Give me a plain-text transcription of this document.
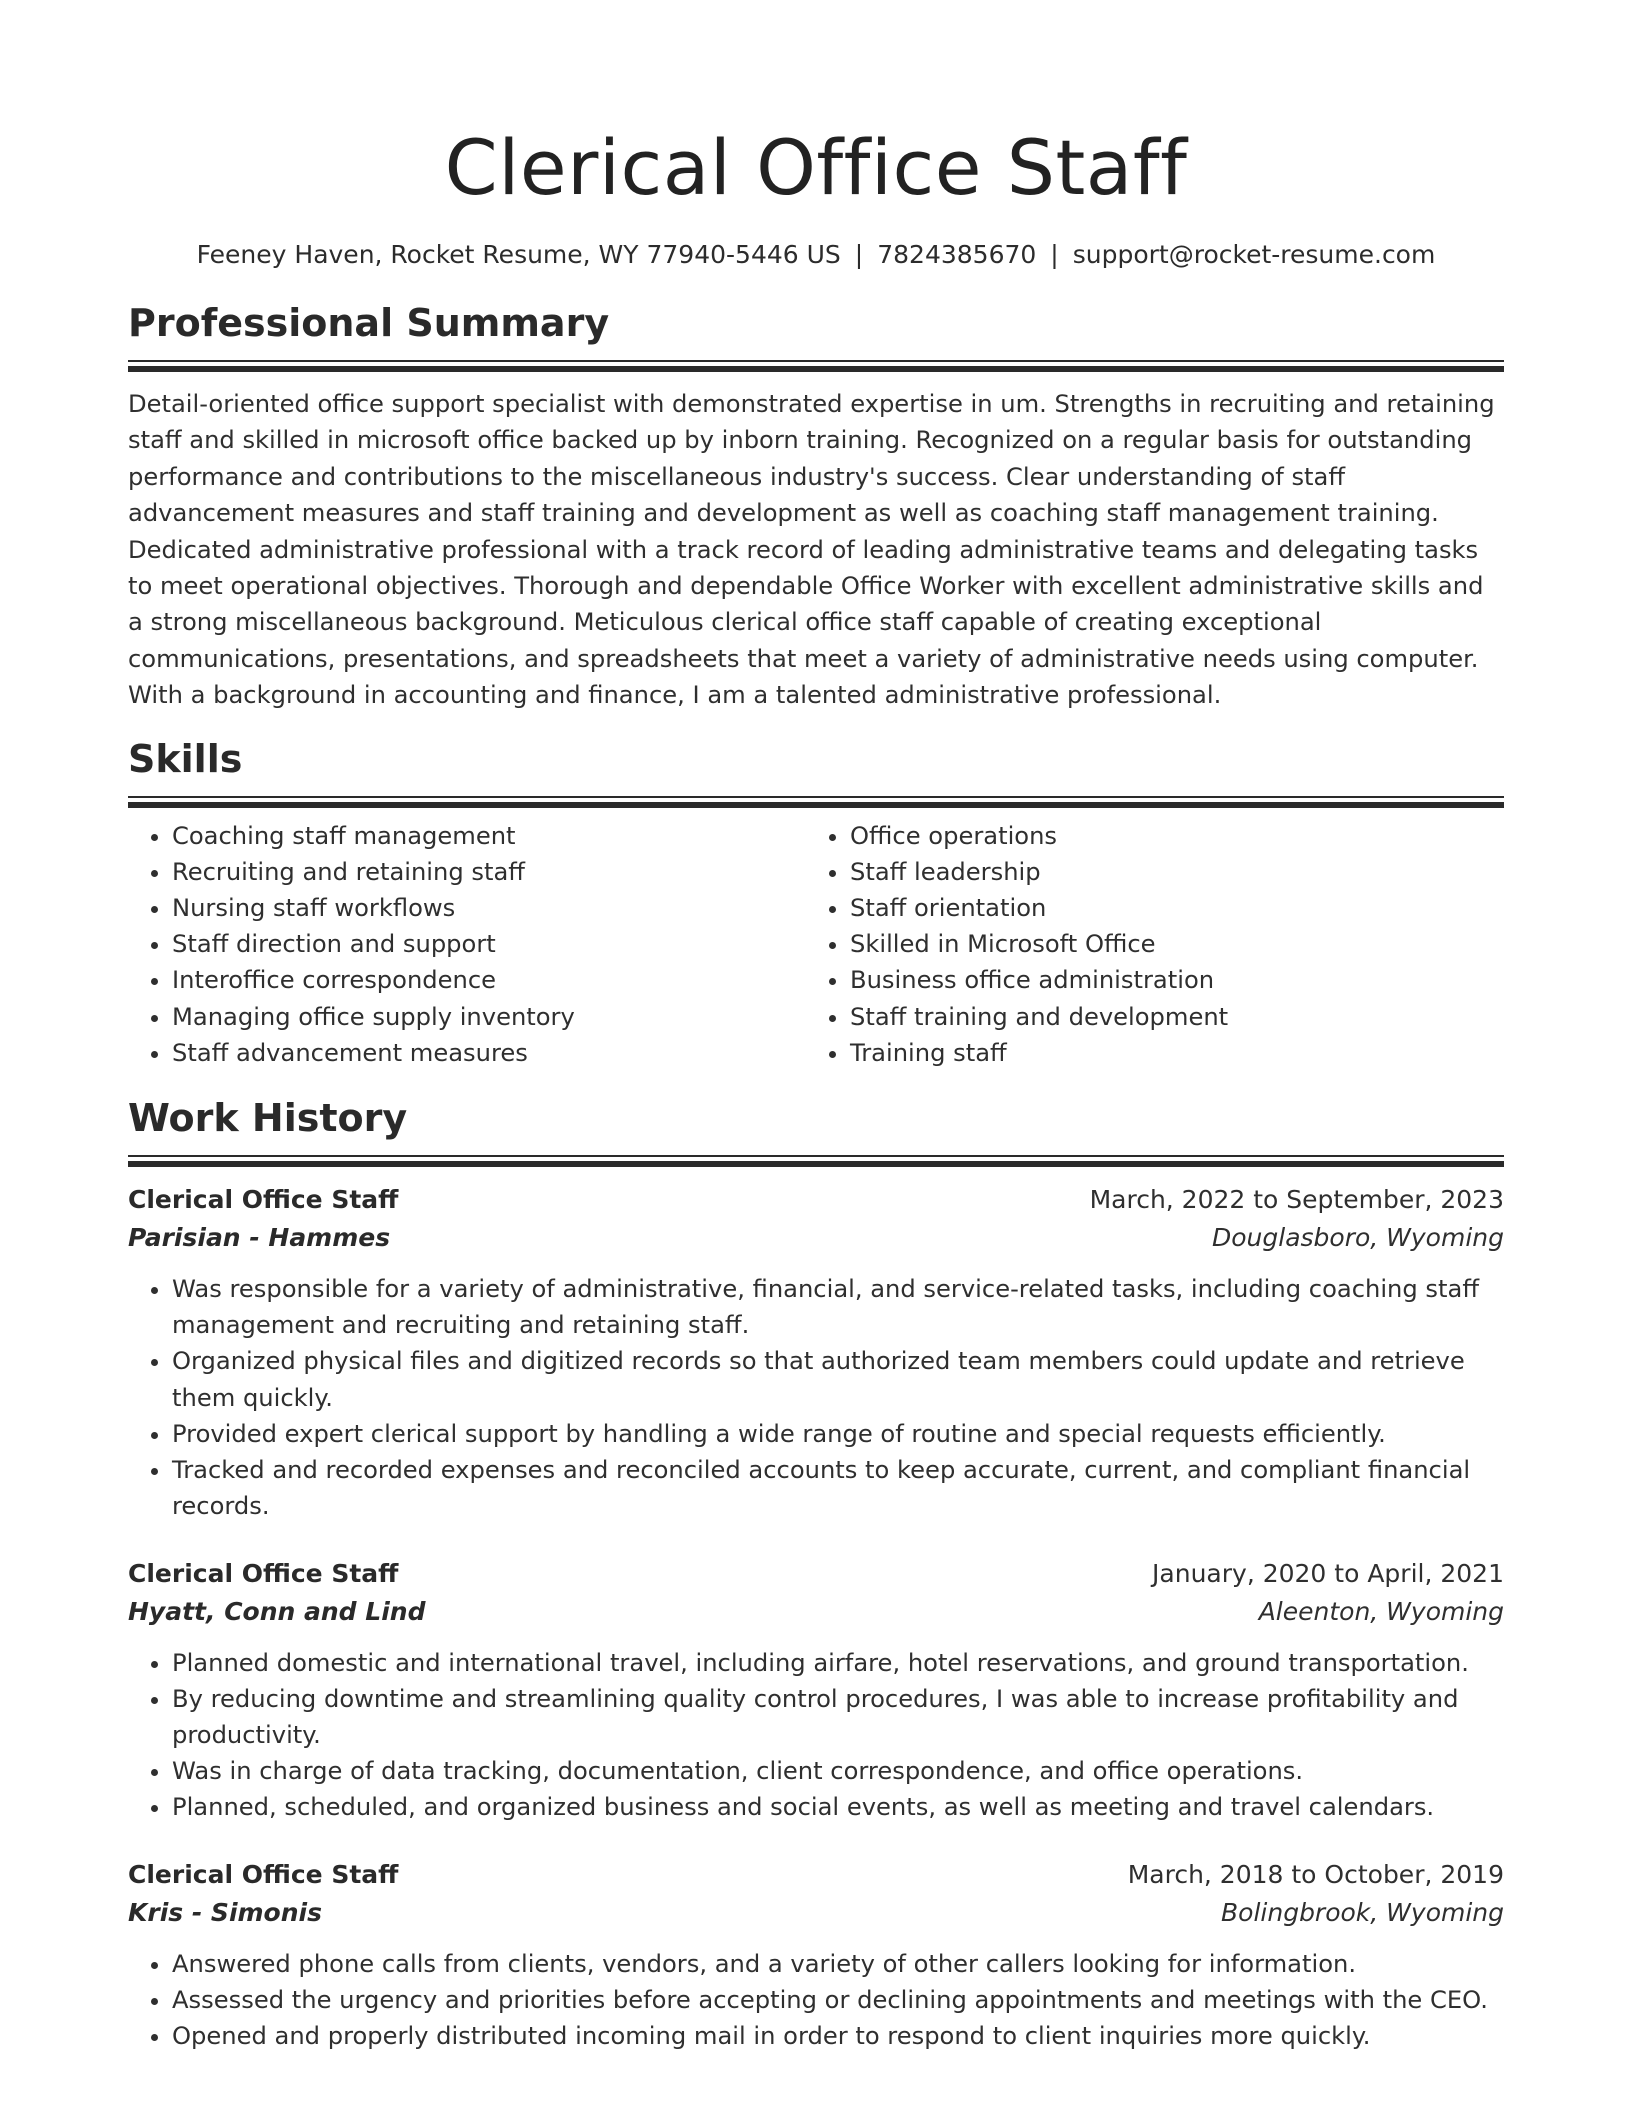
Clerical Office Staff
Feeney Haven, Rocket Resume, WY 77940-5446 US | 7824385670 | support@rocket-resume.com
Professional Summary
Detail-oriented office support specialist with demonstrated expertise in um. Strengths in recruiting and retaining staff and skilled in microsoft office backed up by inborn training. Recognized on a regular basis for outstanding performance and contributions to the miscellaneous industry's success. Clear understanding of staff advancement measures and staff training and development as well as coaching staff management training. Dedicated administrative professional with a track record of leading administrative teams and delegating tasks to meet operational objectives. Thorough and dependable Office Worker with excellent administrative skills and a strong miscellaneous background. Meticulous clerical office staff capable of creating exceptional communications, presentations, and spreadsheets that meet a variety of administrative needs using computer. With a background in accounting and finance, I am a talented administrative professional.
Skills
• Coaching staff management
• Recruiting and retaining staff
• Nursing staff workflows
• Staff direction and support
• Interoffice correspondence
• Managing office supply inventory
• Staff advancement measures
• Office operations
• Staff leadership
• Staff orientation
• Skilled in Microsoft Office
• Business office administration
• Staff training and development
• Training staff
Work History
Clerical Office Staff	March, 2022 to September, 2023
Parisian - Hammes	Douglasboro, Wyoming
• Was responsible for a variety of administrative, financial, and service-related tasks, including coaching staff management and recruiting and retaining staff.
• Organized physical files and digitized records so that authorized team members could update and retrieve them quickly.
• Provided expert clerical support by handling a wide range of routine and special requests efficiently.
• Tracked and recorded expenses and reconciled accounts to keep accurate, current, and compliant financial records.
Clerical Office Staff	January, 2020 to April, 2021
Hyatt, Conn and Lind	Aleenton, Wyoming
• Planned domestic and international travel, including airfare, hotel reservations, and ground transportation.
• By reducing downtime and streamlining quality control procedures, I was able to increase profitability and productivity.
• Was in charge of data tracking, documentation, client correspondence, and office operations.
• Planned, scheduled, and organized business and social events, as well as meeting and travel calendars.
Clerical Office Staff	March, 2018 to October, 2019
Kris - Simonis	Bolingbrook, Wyoming
• Answered phone calls from clients, vendors, and a variety of other callers looking for information.
• Assessed the urgency and priorities before accepting or declining appointments and meetings with the CEO.
• Opened and properly distributed incoming mail in order to respond to client inquiries more quickly.
